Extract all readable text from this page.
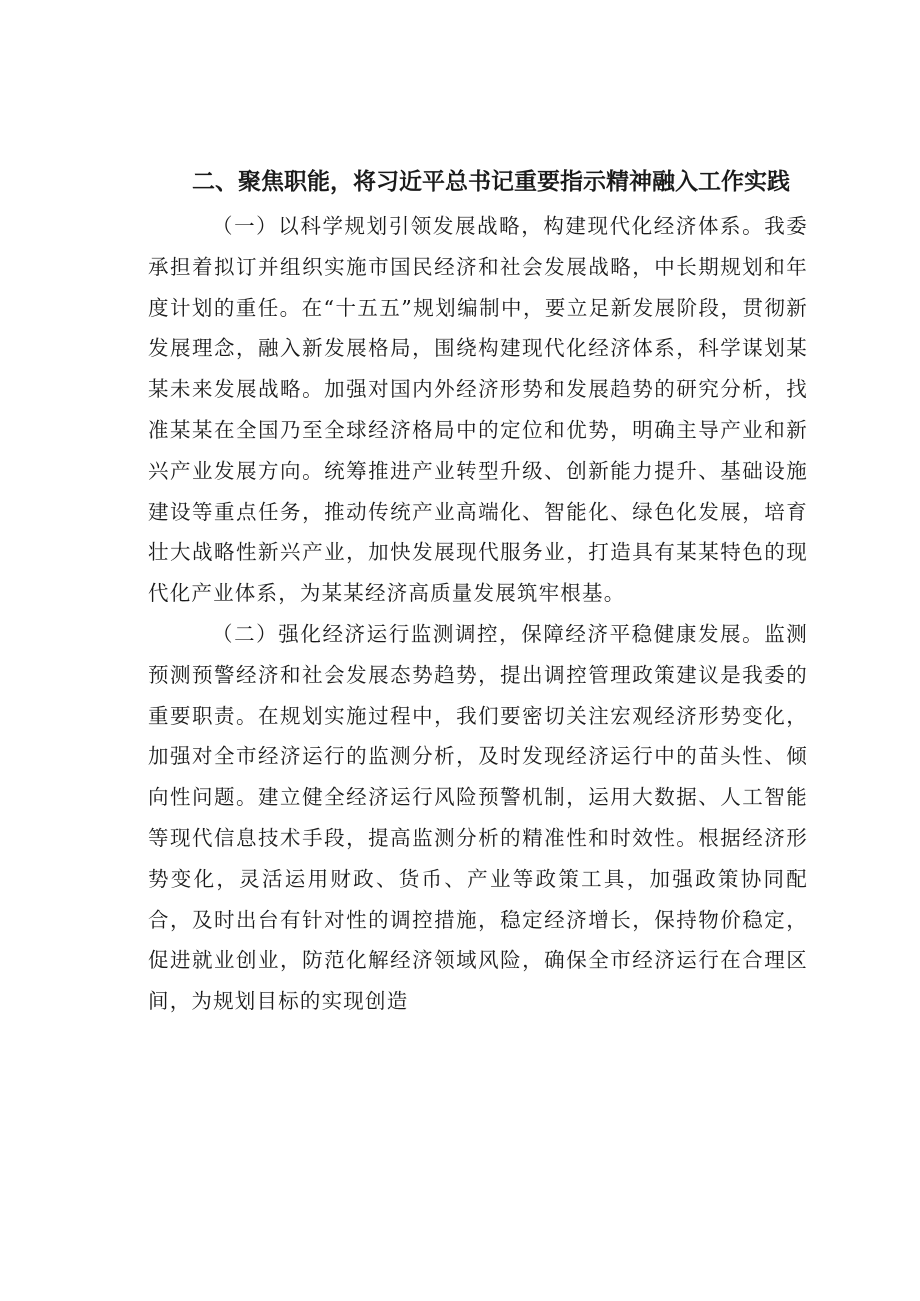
二、聚焦职能，将习近平总书记重要指示精神融入工作实践

（一）以科学规划引领发展战略，构建现代化经济体系。我委承担着拟订并组织实施市国民经济和社会发展战略，中长期规划和年度计划的重任。在“十五五”规划编制中，要立足新发展阶段，贯彻新发展理念，融入新发展格局，围绕构建现代化经济体系，科学谋划某某未来发展战略。加强对国内外经济形势和发展趋势的研究分析，找准某某在全国乃至全球经济格局中的定位和优势，明确主导产业和新兴产业发展方向。统筹推进产业转型升级、创新能力提升、基础设施建设等重点任务，推动传统产业高端化、智能化、绿色化发展，培育壮大战略性新兴产业，加快发展现代服务业，打造具有某某特色的现代化产业体系，为某某经济高质量发展筑牢根基。

（二）强化经济运行监测调控，保障经济平稳健康发展。监测预测预警经济和社会发展态势趋势，提出调控管理政策建议是我委的重要职责。在规划实施过程中，我们要密切关注宏观经济形势变化，加强对全市经济运行的监测分析，及时发现经济运行中的苗头性、倾向性问题。建立健全经济运行风险预警机制，运用大数据、人工智能等现代信息技术手段，提高监测分析的精准性和时效性。根据经济形势变化，灵活运用财政、货币、产业等政策工具，加强政策协同配合，及时出台有针对性的调控措施，稳定经济增长，保持物价稳定，促进就业创业，防范化解经济领域风险，确保全市经济运行在合理区间，为规划目标的实现创造
